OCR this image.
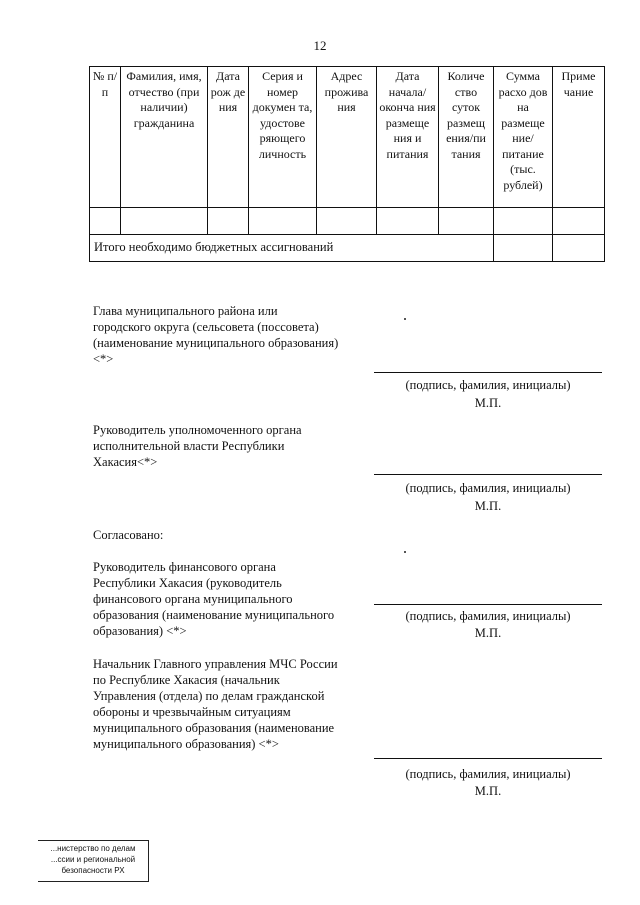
12
№ п/п	Фамилия, имя, отчество (при наличии) гражданина	Дата рож де ния	Серия и номер докумен та, удостове ряющего личность	Адрес прожива ния	Дата начала/ оконча ния размеще ния и питания	Количе ство суток размещ ения/пи тания	Сумма расхо дов на размеще ние/питание (тыс. рублей)	Приме чание

Итого необходимо бюджетных ассигнований								
Глава муниципального района или
городского округа (сельсовета (поссовета)
(наименование муниципального образования)
<*>
(подпись, фамилия, инициалы)
М.П.
Руководитель уполномоченного органа
исполнительной власти Республики
Хакасия<*>
(подпись, фамилия, инициалы)
М.П.
Согласовано:
Руководитель финансового органа
Республики Хакасия (руководитель
финансового органа муниципального
образования (наименование муниципального
образования) <*>
(подпись, фамилия, инициалы)
М.П.
Начальник Главного управления МЧС России
по Республике Хакасия (начальник
Управления (отдела) по делам гражданской
обороны и чрезвычайным ситуациям
муниципального образования (наименование
муниципального образования) <*>
(подпись, фамилия, инициалы)
М.П.
...нистерство по делам ...ссии и региональной безопасности РХ
